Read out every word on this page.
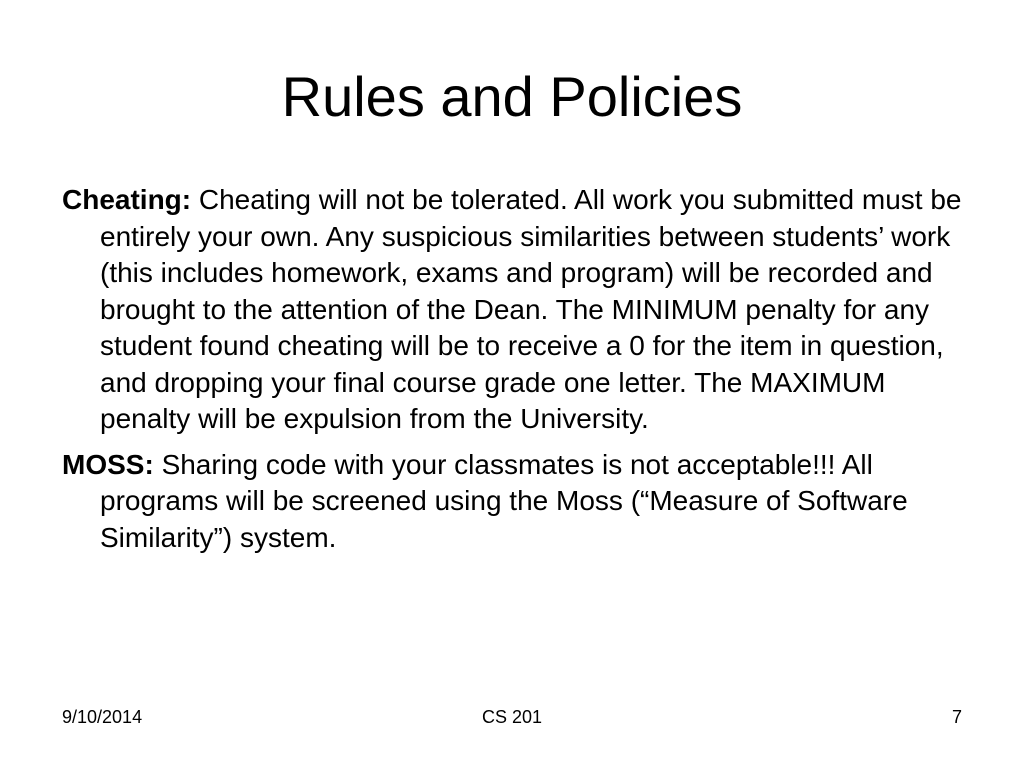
Rules and Policies

Cheating: Cheating will not be tolerated. All work you submitted must be entirely your own. Any suspicious similarities between students’ work (this includes homework, exams and program) will be recorded and brought to the attention of the Dean. The MINIMUM penalty for any student found cheating will be to receive a 0 for the item in question, and dropping your final course grade one letter. The MAXIMUM penalty will be expulsion from the University.

MOSS: Sharing code with your classmates is not acceptable!!! All programs will be screened using the Moss (“Measure of Software Similarity”) system.

9/10/2014	CS 201	7
